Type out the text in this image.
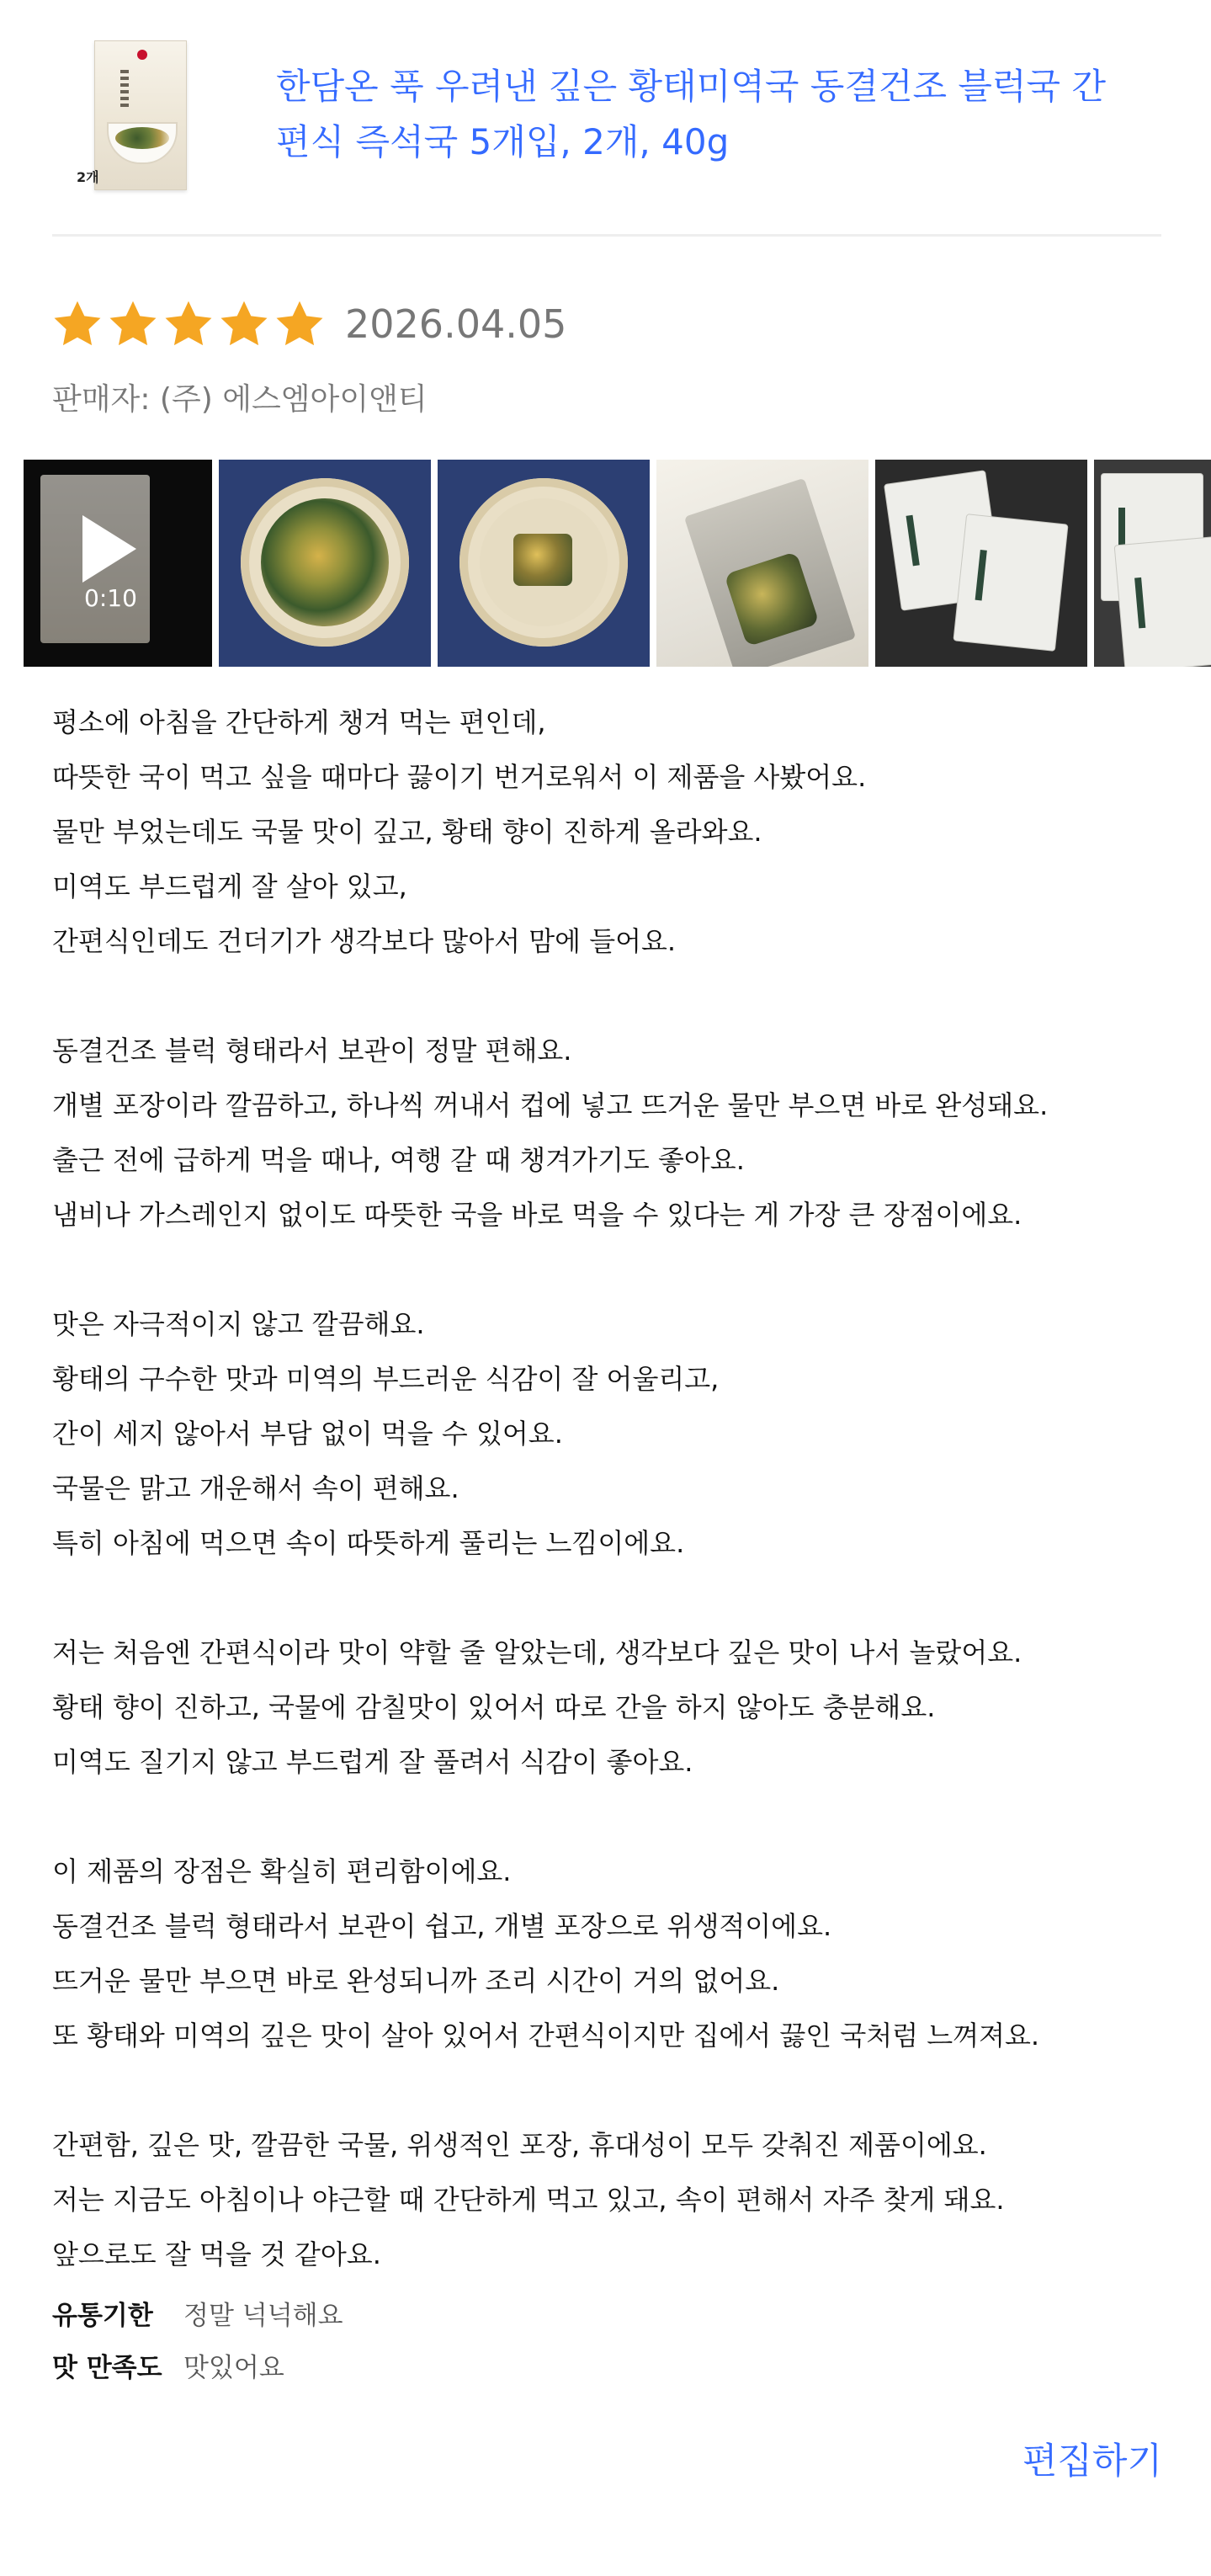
2개
한담온 푹 우려낸 깊은 황태미역국 동결건조 블럭국 간편식 즉석국 5개입, 2개, 40g
2026.04.05
판매자: (주) 에스엠아이앤티
0:10
평소에 아침을 간단하게 챙겨 먹는 편인데,
따뜻한 국이 먹고 싶을 때마다 끓이기 번거로워서 이 제품을 사봤어요.
물만 부었는데도 국물 맛이 깊고, 황태 향이 진하게 올라와요.
미역도 부드럽게 잘 살아 있고,
간편식인데도 건더기가 생각보다 많아서 맘에 들어요.
동결건조 블럭 형태라서 보관이 정말 편해요.
개별 포장이라 깔끔하고, 하나씩 꺼내서 컵에 넣고 뜨거운 물만 부으면 바로 완성돼요.
출근 전에 급하게 먹을 때나, 여행 갈 때 챙겨가기도 좋아요.
냄비나 가스레인지 없이도 따뜻한 국을 바로 먹을 수 있다는 게 가장 큰 장점이에요.
맛은 자극적이지 않고 깔끔해요.
황태의 구수한 맛과 미역의 부드러운 식감이 잘 어울리고,
간이 세지 않아서 부담 없이 먹을 수 있어요.
국물은 맑고 개운해서 속이 편해요.
특히 아침에 먹으면 속이 따뜻하게 풀리는 느낌이에요.
저는 처음엔 간편식이라 맛이 약할 줄 알았는데, 생각보다 깊은 맛이 나서 놀랐어요.
황태 향이 진하고, 국물에 감칠맛이 있어서 따로 간을 하지 않아도 충분해요.
미역도 질기지 않고 부드럽게 잘 풀려서 식감이 좋아요.
이 제품의 장점은 확실히 편리함이에요.
동결건조 블럭 형태라서 보관이 쉽고, 개별 포장으로 위생적이에요.
뜨거운 물만 부으면 바로 완성되니까 조리 시간이 거의 없어요.
또 황태와 미역의 깊은 맛이 살아 있어서 간편식이지만 집에서 끓인 국처럼 느껴져요.
간편함, 깊은 맛, 깔끔한 국물, 위생적인 포장, 휴대성이 모두 갖춰진 제품이에요.
저는 지금도 아침이나 야근할 때 간단하게 먹고 있고, 속이 편해서 자주 찾게 돼요.
앞으로도 잘 먹을 것 같아요.
유통기한	정말 넉넉해요
맛 만족도 맛있어요
편집하기
